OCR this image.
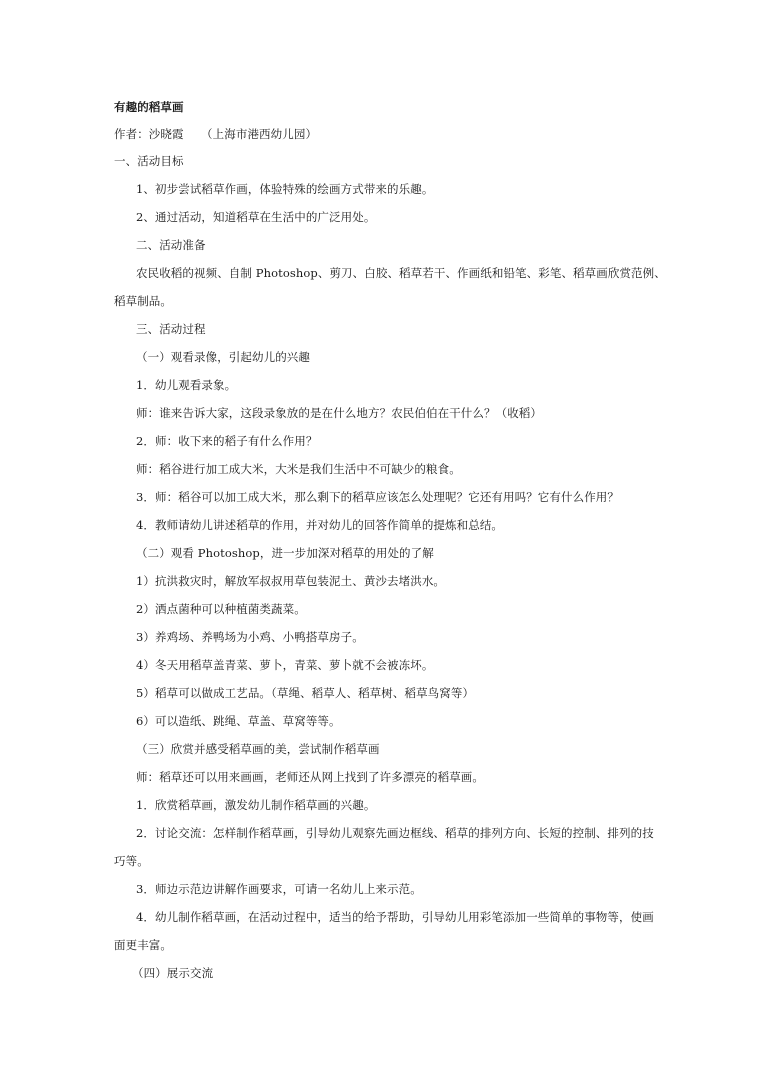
有趣的稻草画
作者：沙晓霞　　（上海市港西幼儿园）
一、活动目标
1、初步尝试稻草作画，体验特殊的绘画方式带来的乐趣。
2、通过活动，知道稻草在生活中的广泛用处。
二、活动准备
农民收稻的视频、自制 Photoshop、剪刀、白胶、稻草若干、作画纸和铅笔、彩笔、稻草画欣赏范例、
稻草制品。
三、活动过程
（一）观看录像，引起幼儿的兴趣
1．幼儿观看录象。
师：谁来告诉大家，这段录象放的是在什么地方？农民伯伯在干什么？（收稻）
2．师：收下来的稻子有什么作用？
师：稻谷进行加工成大米，大米是我们生活中不可缺少的粮食。
3．师：稻谷可以加工成大米，那么剩下的稻草应该怎么处理呢？它还有用吗？它有什么作用？
4．教师请幼儿讲述稻草的作用，并对幼儿的回答作简单的提炼和总结。
（二）观看 Photoshop，进一步加深对稻草的用处的了解
1）抗洪救灾时，解放军叔叔用草包装泥土、黄沙去堵洪水。
2）洒点菌种可以种植菌类蔬菜。
3）养鸡场、养鸭场为小鸡、小鸭搭草房子。
4）冬天用稻草盖青菜、萝卜，青菜、萝卜就不会被冻坏。
5）稻草可以做成工艺品。（草绳、稻草人、稻草树、稻草鸟窝等）
6）可以造纸、跳绳、草盖、草窝等等。
（三）欣赏并感受稻草画的美，尝试制作稻草画
师：稻草还可以用来画画，老师还从网上找到了许多漂亮的稻草画。
1．欣赏稻草画，激发幼儿制作稻草画的兴趣。
2．讨论交流：怎样制作稻草画，引导幼儿观察先画边框线、稻草的排列方向、长短的控制、排列的技
巧等。
3．师边示范边讲解作画要求，可请一名幼儿上来示范。
4．幼儿制作稻草画，在活动过程中，适当的给予帮助，引导幼儿用彩笔添加一些简单的事物等，使画
面更丰富。
（四）展示交流
